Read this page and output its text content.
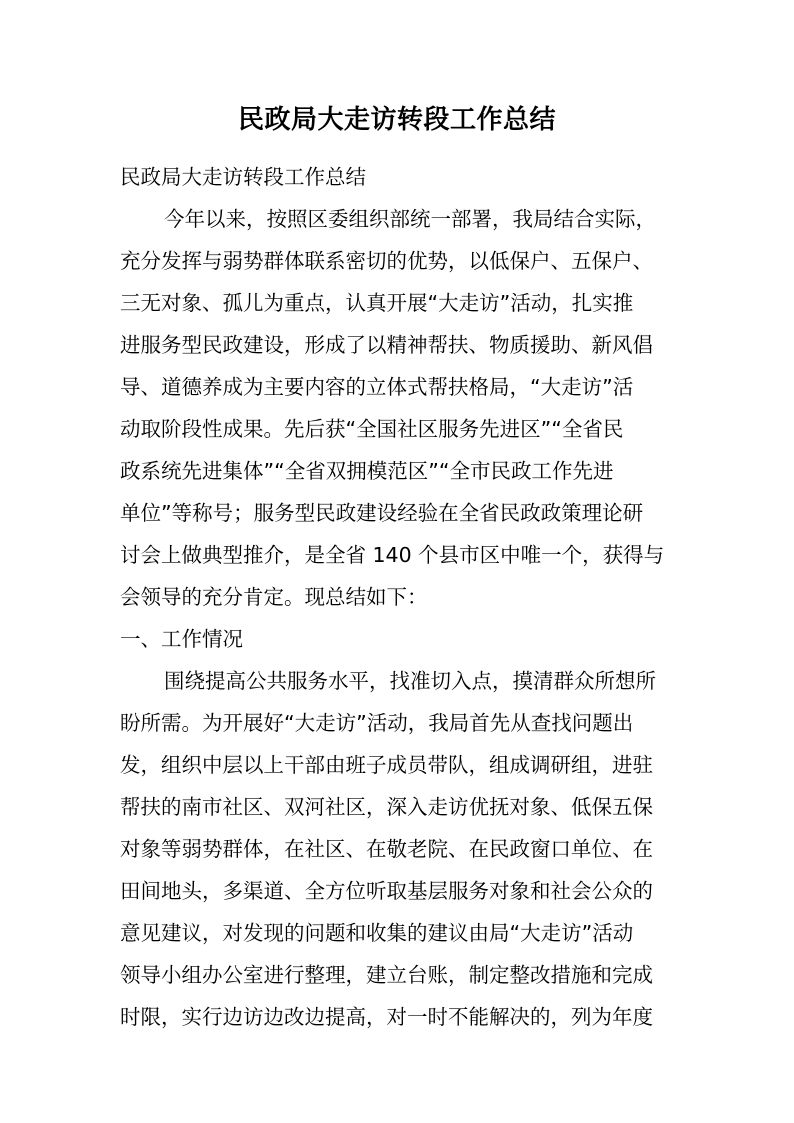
民政局大走访转段工作总结
民政局大走访转段工作总结
今年以来，按照区委组织部统一部署，我局结合实际，
充分发挥与弱势群体联系密切的优势，以低保户、五保户、
三无对象、孤儿为重点，认真开展“大走访”活动，扎实推
进服务型民政建设，形成了以精神帮扶、物质援助、新风倡
导、道德养成为主要内容的立体式帮扶格局，“大走访”活
动取阶段性成果。先后获“全国社区服务先进区”“全省民
政系统先进集体”“全省双拥模范区”“全市民政工作先进
单位”等称号；服务型民政建设经验在全省民政政策理论研
讨会上做典型推介，是全省 140 个县市区中唯一个，获得与
会领导的充分肯定。现总结如下：
一、工作情况
围绕提高公共服务水平，找准切入点，摸清群众所想所
盼所需。为开展好“大走访”活动，我局首先从查找问题出
发，组织中层以上干部由班子成员带队，组成调研组，进驻
帮扶的南市社区、双河社区，深入走访优抚对象、低保五保
对象等弱势群体，在社区、在敬老院、在民政窗口单位、在
田间地头，多渠道、全方位听取基层服务对象和社会公众的
意见建议，对发现的问题和收集的建议由局“大走访”活动
领导小组办公室进行整理，建立台账，制定整改措施和完成
时限，实行边访边改边提高，对一时不能解决的，列为年度
